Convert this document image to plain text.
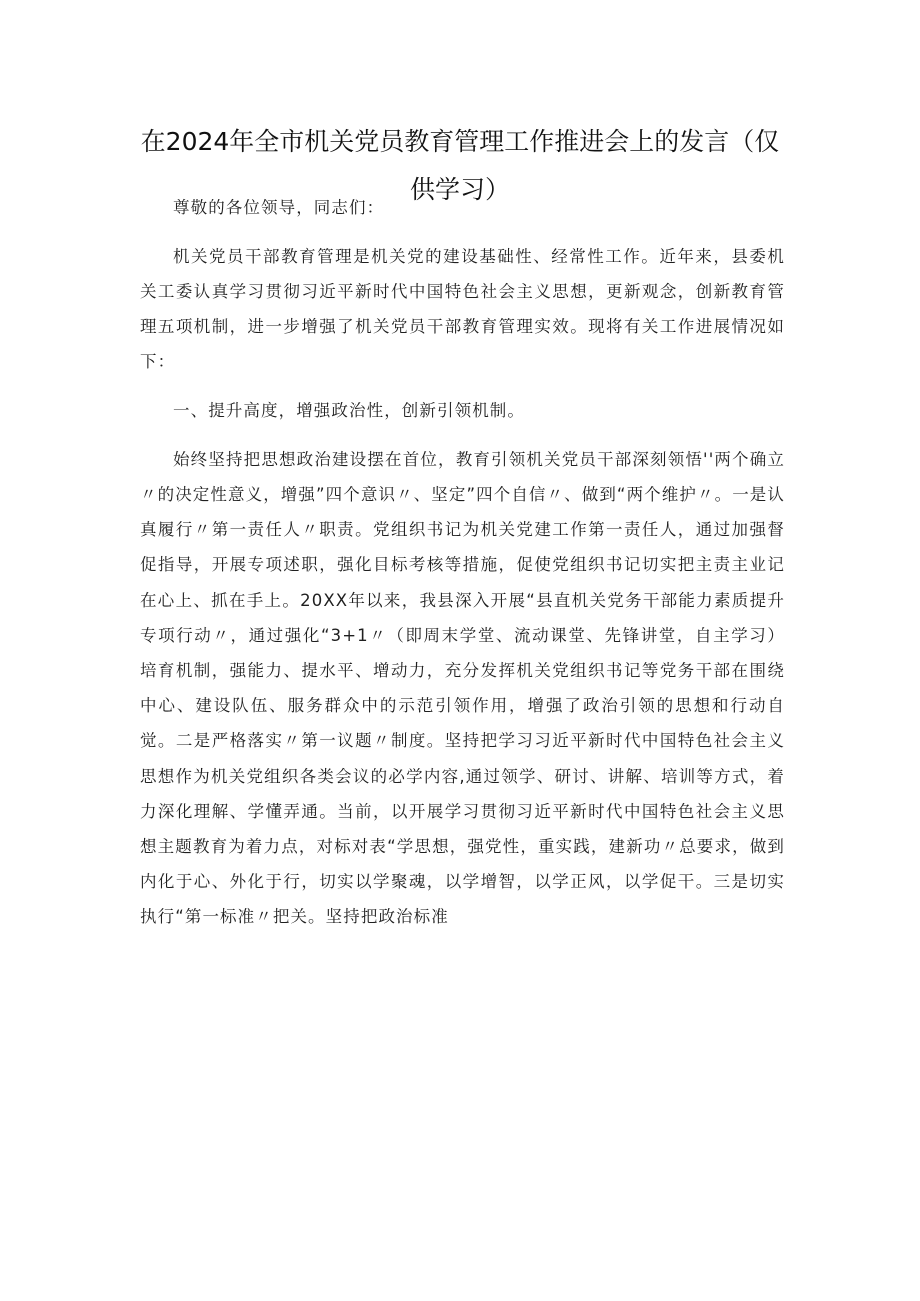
在2024年全市机关党员教育管理工作推进会上的发言（仅供学习）

尊敬的各位领导，同志们：

机关党员干部教育管理是机关党的建设基础性、经常性工作。近年来，县委机关工委认真学习贯彻习近平新时代中国特色社会主义思想，更新观念，创新教育管理五项机制，进一步增强了机关党员干部教育管理实效。现将有关工作进展情况如下：

一、提升高度，增强政治性，创新引领机制。

始终坚持把思想政治建设摆在首位，教育引领机关党员干部深刻领悟''两个确立〃的决定性意义，增强”四个意识〃、坚定”四个自信〃、做到“两个维护〃。一是认真履行〃第一责任人〃职责。党组织书记为机关党建工作第一责任人，通过加强督促指导，开展专项述职，强化目标考核等措施，促使党组织书记切实把主责主业记在心上、抓在手上。20XX年以来，我县深入开展“县直机关党务干部能力素质提升专项行动〃，通过强化“3+1〃（即周末学堂、流动课堂、先锋讲堂，自主学习）培育机制，强能力、提水平、增动力，充分发挥机关党组织书记等党务干部在围绕中心、建设队伍、服务群众中的示范引领作用，增强了政治引领的思想和行动自觉。二是严格落实〃第一议题〃制度。坚持把学习习近平新时代中国特色社会主义思想作为机关党组织各类会议的必学内容,通过领学、研讨、讲解、培训等方式，着力深化理解、学懂弄通。当前，以开展学习贯彻习近平新时代中国特色社会主义思想主题教育为着力点，对标对表“学思想，强党性，重实践，建新功〃总要求，做到内化于心、外化于行，切实以学聚魂，以学增智，以学正风，以学促干。三是切实执行“第一标准〃把关。坚持把政治标准
